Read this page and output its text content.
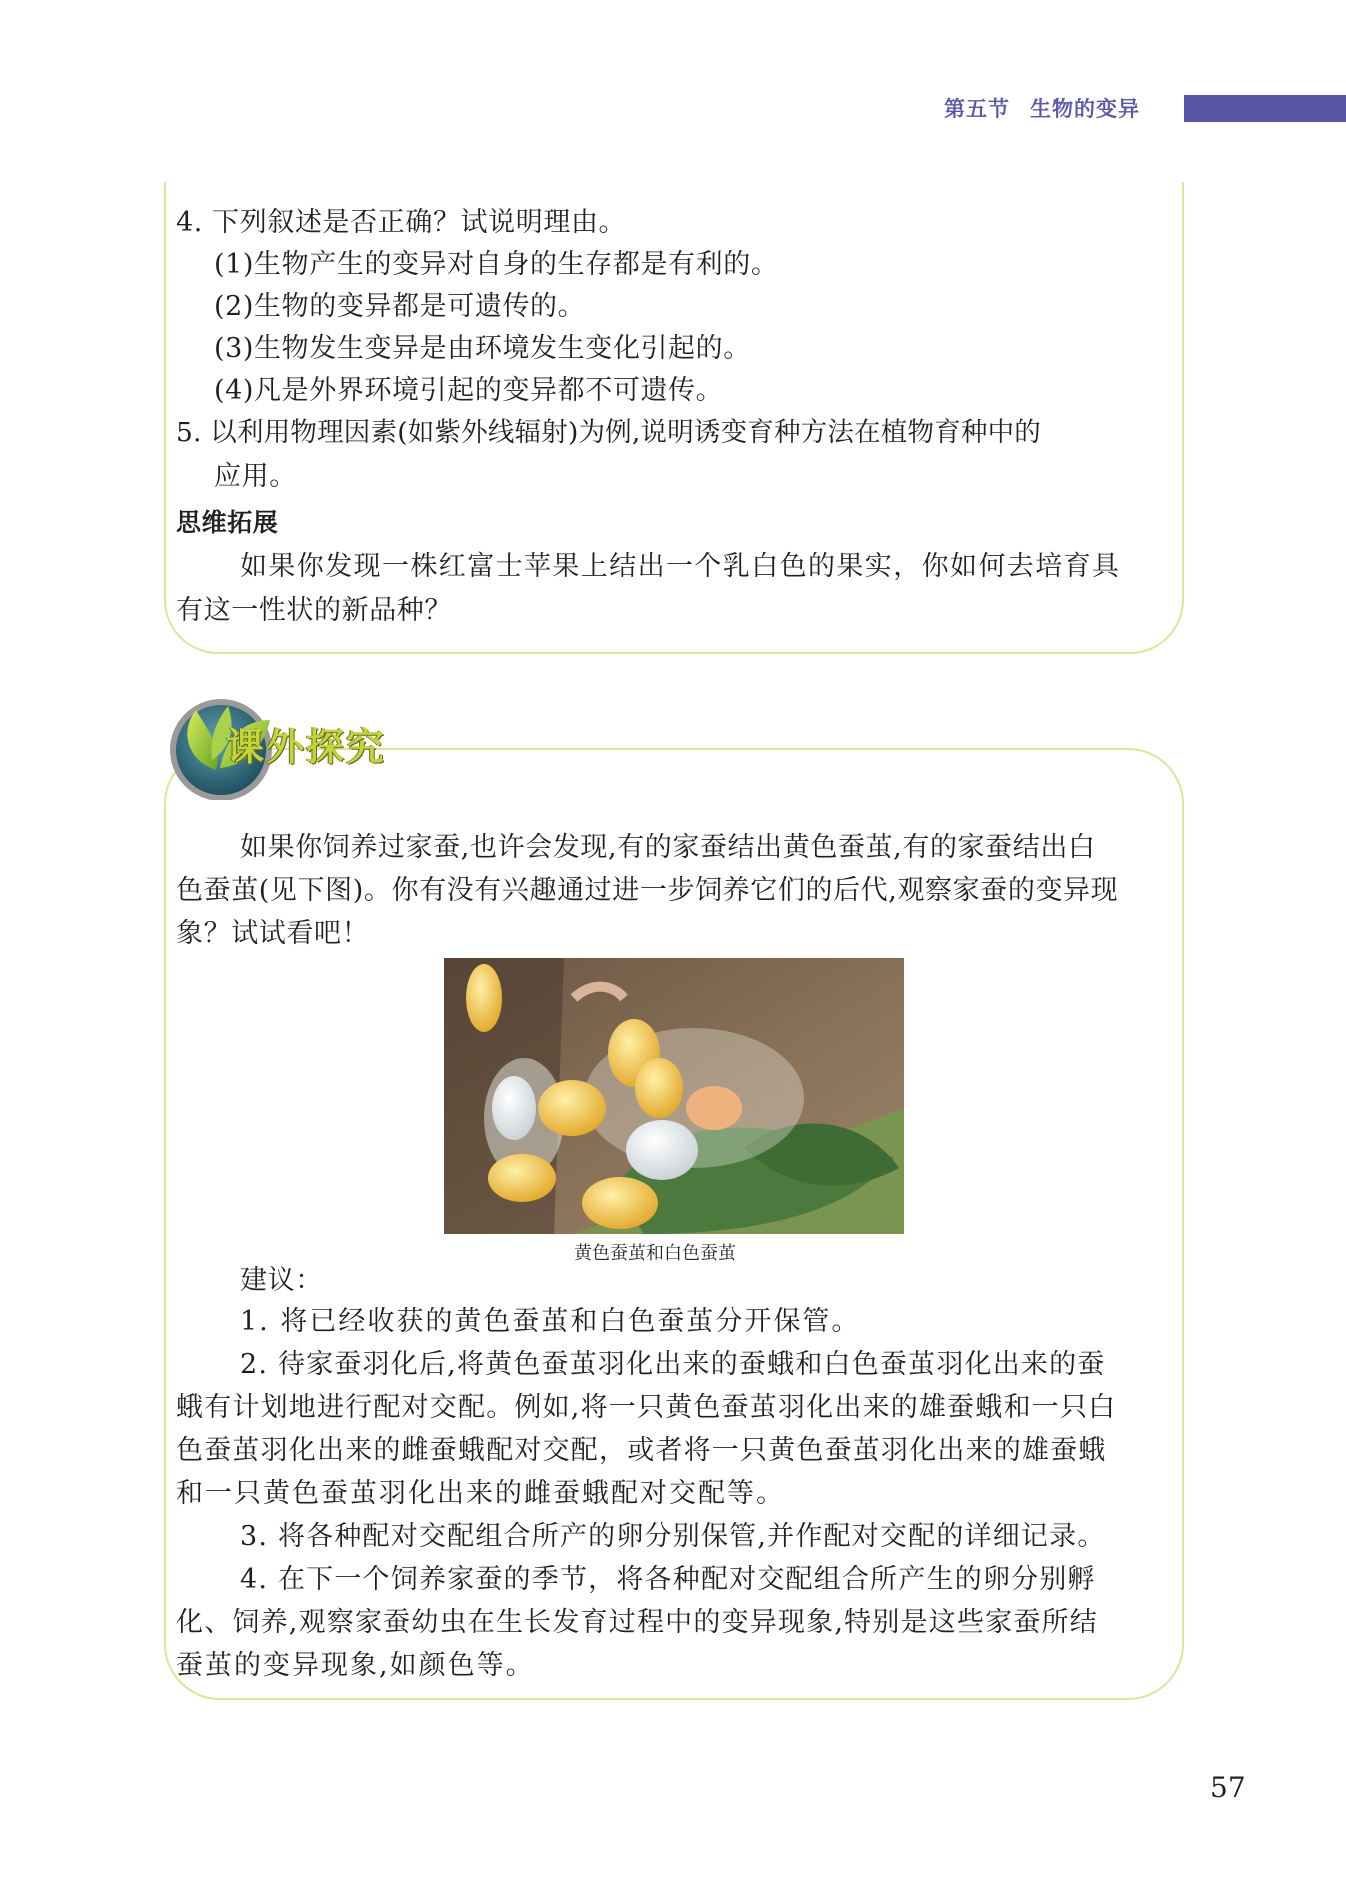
第五节 生物的变异
4. 下列叙述是否正确？试说明理由。
(1)生物产生的变异对自身的生存都是有利的。
(2)生物的变异都是可遗传的。
(3)生物发生变异是由环境发生变化引起的。
(4)凡是外界环境引起的变异都不可遗传。
5. 以利用物理因素(如紫外线辐射)为例,说明诱变育种方法在植物育种中的
应用。
思维拓展
如果你发现一株红富士苹果上结出一个乳白色的果实，你如何去培育具
有这一性状的新品种？
课外探究
如果你饲养过家蚕,也许会发现,有的家蚕结出黄色蚕茧,有的家蚕结出白
色蚕茧(见下图)。你有没有兴趣通过进一步饲养它们的后代,观察家蚕的变异现
象？试试看吧！
黄色蚕茧和白色蚕茧
建议：
1. 将已经收获的黄色蚕茧和白色蚕茧分开保管。
2. 待家蚕羽化后,将黄色蚕茧羽化出来的蚕蛾和白色蚕茧羽化出来的蚕
蛾有计划地进行配对交配。例如,将一只黄色蚕茧羽化出来的雄蚕蛾和一只白
色蚕茧羽化出来的雌蚕蛾配对交配，或者将一只黄色蚕茧羽化出来的雄蚕蛾
和一只黄色蚕茧羽化出来的雌蚕蛾配对交配等。
3. 将各种配对交配组合所产的卵分别保管,并作配对交配的详细记录。
4. 在下一个饲养家蚕的季节，将各种配对交配组合所产生的卵分别孵
化、饲养,观察家蚕幼虫在生长发育过程中的变异现象,特别是这些家蚕所结
蚕茧的变异现象,如颜色等。
57
